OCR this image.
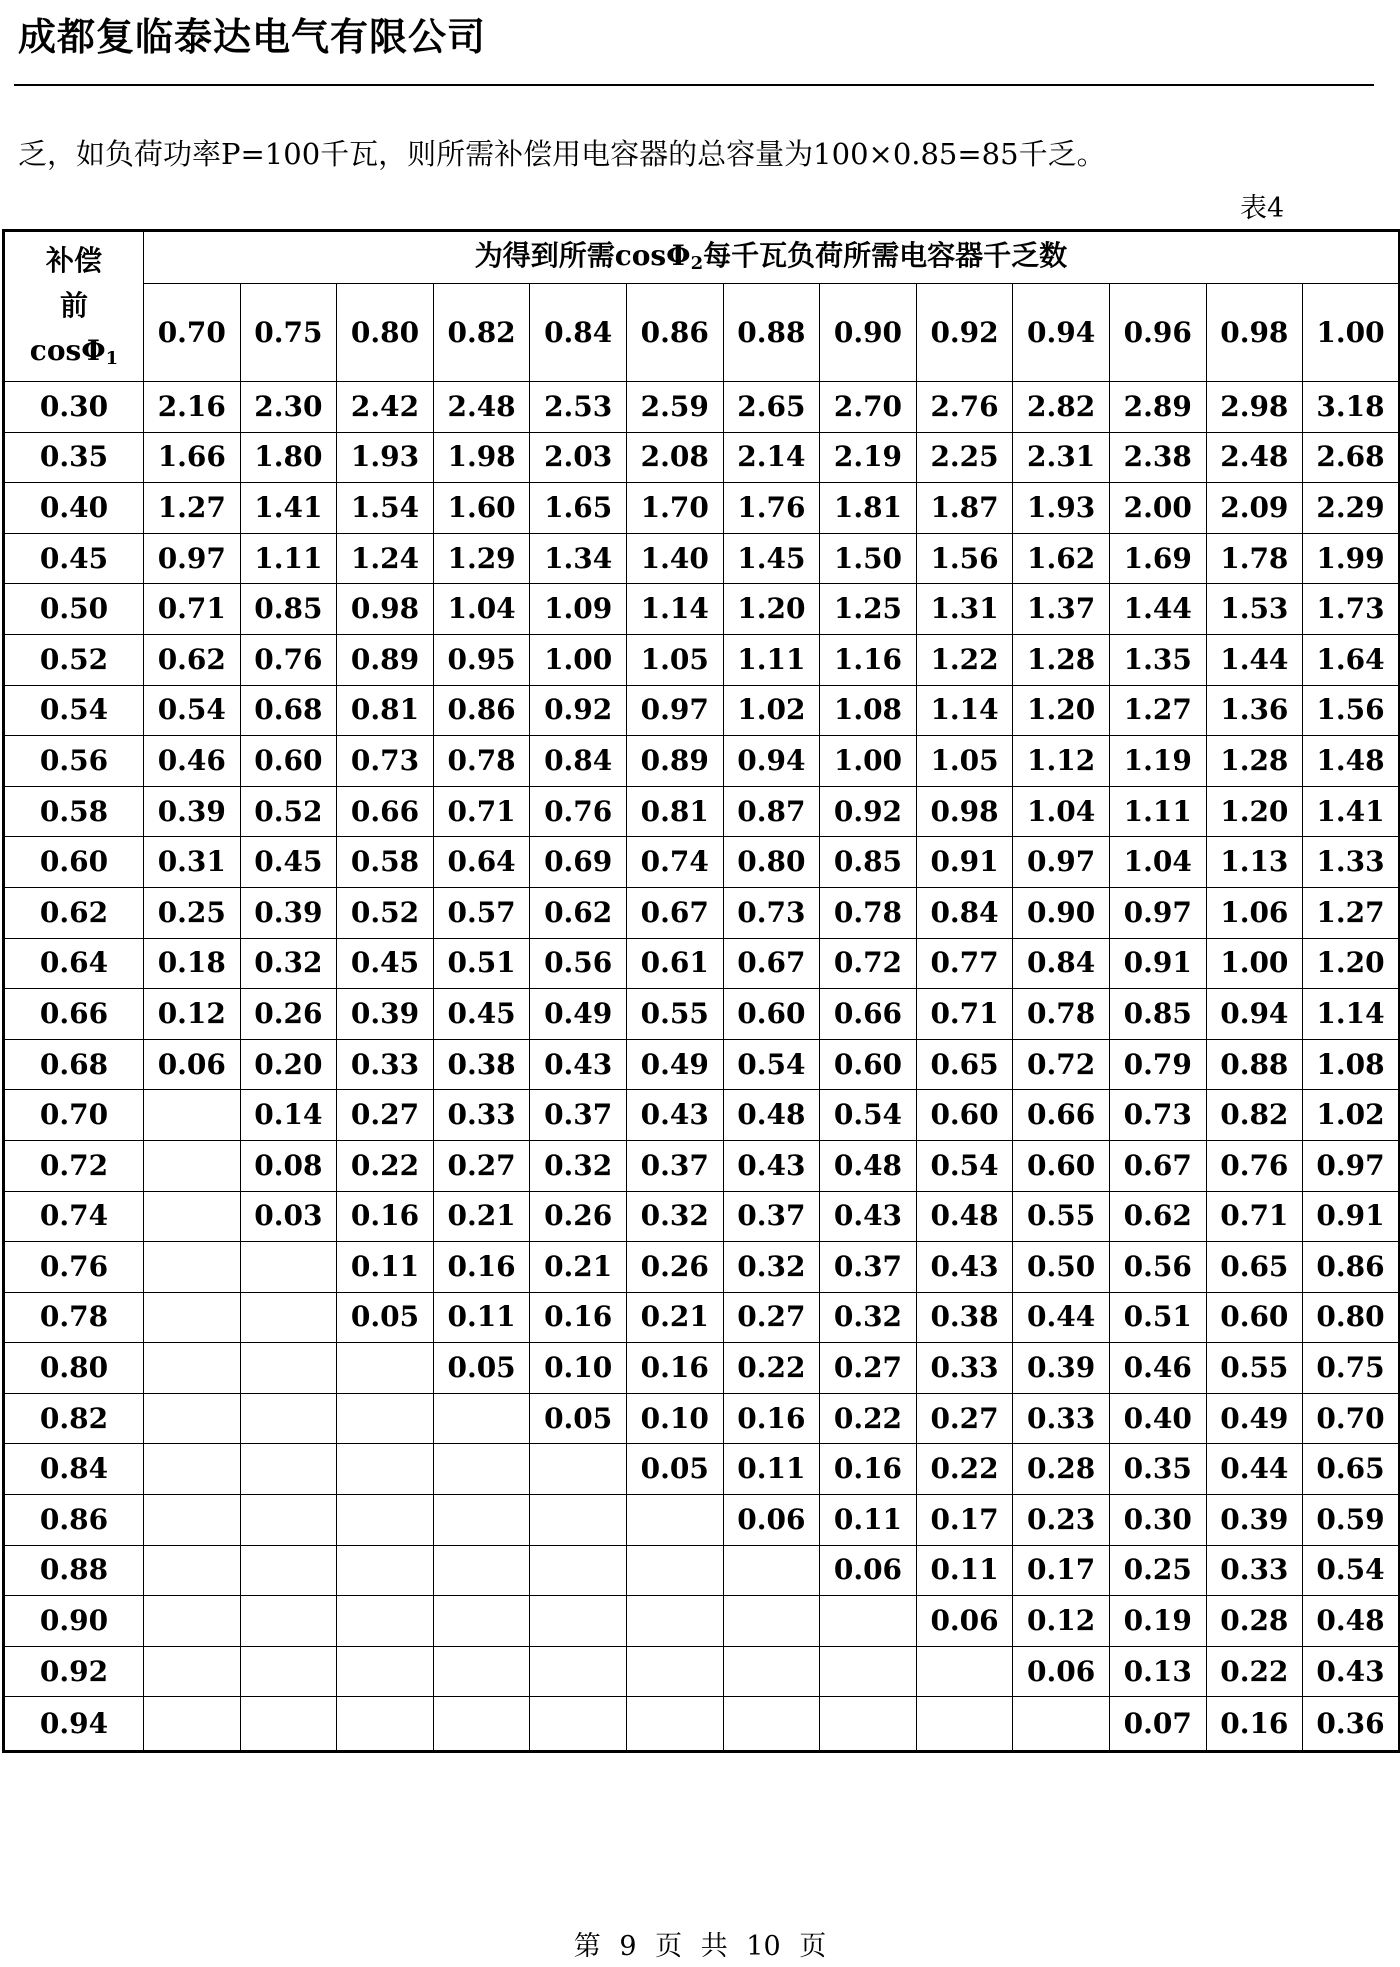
成都复临泰达电气有限公司
乏，如负荷功率P=100千瓦，则所需补偿用电容器的总容量为100×0.85=85千乏。
表4
补偿
前
cosΦ$_1$	为得到所需cosΦ$_2$每千瓦负荷所需电容器千乏数												
	0.70	0.75	0.80	0.82	0.84	0.86	0.88	0.90	0.92	0.94	0.96	0.98	1.00
0.30	2.16	2.30	2.42	2.48	2.53	2.59	2.65	2.70	2.76	2.82	2.89	2.98	3.18
0.35	1.66	1.80	1.93	1.98	2.03	2.08	2.14	2.19	2.25	2.31	2.38	2.48	2.68
0.40	1.27	1.41	1.54	1.60	1.65	1.70	1.76	1.81	1.87	1.93	2.00	2.09	2.29
0.45	0.97	1.11	1.24	1.29	1.34	1.40	1.45	1.50	1.56	1.62	1.69	1.78	1.99
0.50	0.71	0.85	0.98	1.04	1.09	1.14	1.20	1.25	1.31	1.37	1.44	1.53	1.73
0.52	0.62	0.76	0.89	0.95	1.00	1.05	1.11	1.16	1.22	1.28	1.35	1.44	1.64
0.54	0.54	0.68	0.81	0.86	0.92	0.97	1.02	1.08	1.14	1.20	1.27	1.36	1.56
0.56	0.46	0.60	0.73	0.78	0.84	0.89	0.94	1.00	1.05	1.12	1.19	1.28	1.48
0.58	0.39	0.52	0.66	0.71	0.76	0.81	0.87	0.92	0.98	1.04	1.11	1.20	1.41
0.60	0.31	0.45	0.58	0.64	0.69	0.74	0.80	0.85	0.91	0.97	1.04	1.13	1.33
0.62	0.25	0.39	0.52	0.57	0.62	0.67	0.73	0.78	0.84	0.90	0.97	1.06	1.27
0.64	0.18	0.32	0.45	0.51	0.56	0.61	0.67	0.72	0.77	0.84	0.91	1.00	1.20
0.66	0.12	0.26	0.39	0.45	0.49	0.55	0.60	0.66	0.71	0.78	0.85	0.94	1.14
0.68	0.06	0.20	0.33	0.38	0.43	0.49	0.54	0.60	0.65	0.72	0.79	0.88	1.08
0.70		0.14	0.27	0.33	0.37	0.43	0.48	0.54	0.60	0.66	0.73	0.82	1.02
0.72		0.08	0.22	0.27	0.32	0.37	0.43	0.48	0.54	0.60	0.67	0.76	0.97
0.74		0.03	0.16	0.21	0.26	0.32	0.37	0.43	0.48	0.55	0.62	0.71	0.91
0.76			0.11	0.16	0.21	0.26	0.32	0.37	0.43	0.50	0.56	0.65	0.86
0.78			0.05	0.11	0.16	0.21	0.27	0.32	0.38	0.44	0.51	0.60	0.80
0.80				0.05	0.10	0.16	0.22	0.27	0.33	0.39	0.46	0.55	0.75
0.82					0.05	0.10	0.16	0.22	0.27	0.33	0.40	0.49	0.70
0.84						0.05	0.11	0.16	0.22	0.28	0.35	0.44	0.65
0.86							0.06	0.11	0.17	0.23	0.30	0.39	0.59
0.88								0.06	0.11	0.17	0.25	0.33	0.54
0.90									0.06	0.12	0.19	0.28	0.48
0.92										0.06	0.13	0.22	0.43
0.94											0.07	0.16	0.36
第 9 页 共 10 页
